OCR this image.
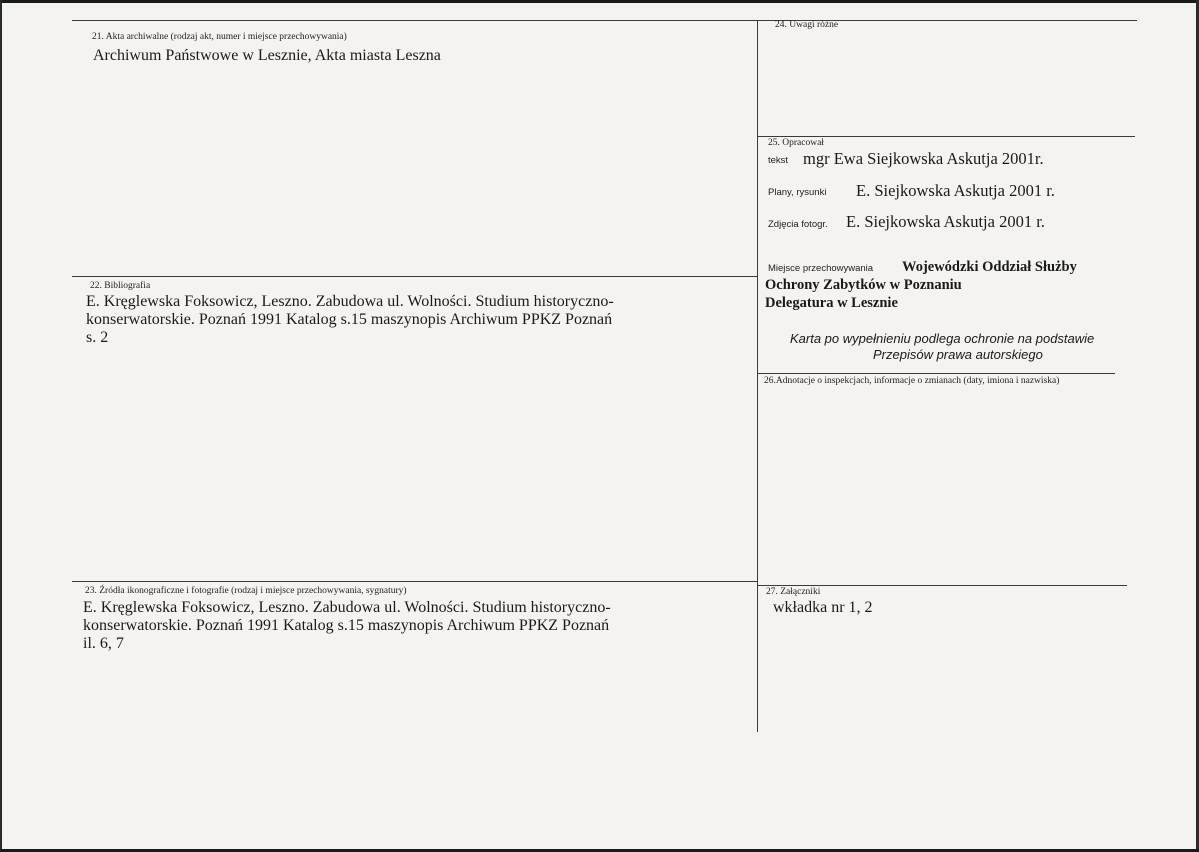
21. Akta archiwalne (rodzaj akt, numer i miejsce przechowywania)
Archiwum Państwowe w Lesznie, Akta miasta Leszna
22. Bibliografia
E. Kręglewska Foksowicz, Leszno. Zabudowa ul. Wolności. Studium historyczno-
konserwatorskie. Poznań 1991 Katalog s.15 maszynopis Archiwum PPKZ Poznań
s. 2
23. Źródła ikonograficzne i fotografie (rodzaj i miejsce przechowywania, sygnatury)
E. Kręglewska Foksowicz, Leszno. Zabudowa ul. Wolności. Studium historyczno-
konserwatorskie. Poznań 1991 Katalog s.15 maszynopis Archiwum PPKZ Poznań
il. 6, 7
24. Uwagi różne
25. Opracował
tekst mgr Ewa Siejkowska Askutja 2001r.
Plany, rysunki E. Siejkowska Askutja 2001 r.
Zdjęcia fotogr. E. Siejkowska Askutja 2001 r.
Miejsce przechowywania Wojewódzki Oddział Służby
Ochrony Zabytków w Poznaniu
Delegatura w Lesznie
Karta po wypełnieniu podlega ochronie na podstawie
Przepisów prawa autorskiego
26.Adnotacje o inspekcjach, informacje o zmianach (daty, imiona i nazwiska)
27. Załączniki
wkładka nr 1, 2
